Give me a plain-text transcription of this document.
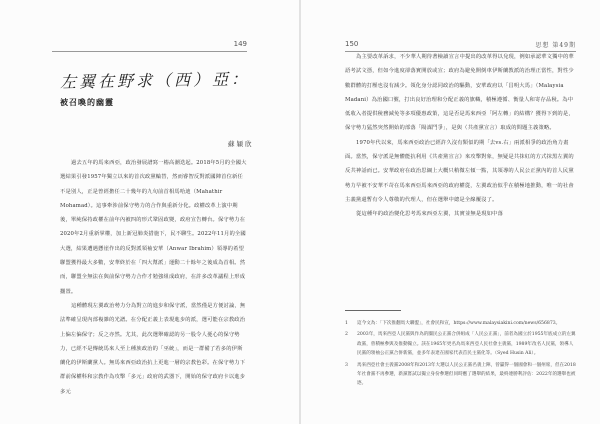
149
左翼在野求（西）亞：
被召喚的幽靈
蘇穎欣

過去五年的馬來西亞，政治發展譜寫一樁高潮迭起。2018年5月的全國大選結果引發1957年獨立以來的首次政黨輪替，然而睿智反對派國陣首位新任不是別人，正是曾經擔任二十幾年的九旬前首相馬哈迪（Mahathir Mohamad）。這事牽涉前保守勢力的合作與重新分化。政權改革上演中期後，單純保持政權在前年內被四的形式鞏固政變，政府宣告轉台。保守勢力在2020年2月重新掌權，加上新冠肺炎措施下，民不聊生。2022年11月的全國大選，結果遭遇懸崖作出的反對派領袖安華（Anwar Ibrahim）領導的希望聯盟獲得最大多數，安華終於在「四大幫派」運動二十餘年之後成為首相。然而，聯盟全無法在與前保守勢力合作才勉強組成政府，在許多改革議程上形成擱置。

這種體現左翼政治勢力分為對立的進步和保守派，當然僅是方便討論，無法準確呈現內部複雜的光譜。在分配正義上表現進步的派，選可能在宗教政治上偏左偏保守；反之亦然。尤其，此次選舉確認的另一股令人憂心的保守勢力，已經不是傳統馬來人至上種族政治的「巫統」，而是一群備了若多的伊斯蘭化的伊斯蘭黨人。無馬來西亞政治抗上更進一層的宗教色彩。在保守勢力下群前保權科和宗教作為攻擊「多元」政府的武器下，開始的保守政府卡以進步多元

150	思想 第49期

為主要改革訴求，不少華人期待著檢讀宣言中提出的改革得以兌現，例如承認華文獨中的華語考試文憑，但如今進度卻落實開放或宣；政府為避免開倒車伊斯蘭教派的治理正當性，對性少數群體的打壓也沒有減少。領化身分認同政治的驅動，安華政府以「昌明大馬」（Malaysia Madani）為治國口號，打出良好治理和分配正義的旗幟，積極遵循、衡量人和寄存品稅。為中低收入者提供稅務減免等多項優惠政策，這是否是馬來西亞「阿左轉」的結構？獲得下到的是，保守勢力猛然突然開始的部落「陽謀鬥爭」，是與（共產黨宣言）取成的問題主義策略。

1970年代以來，馬來西亞政治已經許久沒有類似的期「去vs.右」兩派相爭的政治角力畫面。當然，保守派是無體能抗利用《共產黨宣言》來攻擊對象，無疑是共抹紅的方式抹黑左翼的反共神話而已。安華政府在政治思綱上大概只稍微左傾一點，其領導的人民公正黨內的首人民黨勢力早被不安華不苛在馬來西亞馬來西亞的政府權從，左翼政治似乎在積極地推動，唯一的社會主義黨還暫有令人尊敬的代理人，但在選舉中總是全線覆沒了。

從這種年的政治變化思考馬來西亞左翼，其實並無是現如中落

1	這今文為：「下次推翻馬大聯盟」，社會民和宣，https://www.malaysiakini.com/news/656873。
2	2003年，馬來西亞人民黨與作為的團民公正黨合併組成「人民公正黨」，前者為國立於1955年底成立的左翼政黨，曾積極參與及推動獨立。該在1965年更名為馬來西亞人民社會主義黨，1989年改名人民黨，領導人民黨的領袖公正黨合併新黨，並多年表達在國家代表首民主黨化等。（Syed Husin Ali）。
3	馬來西亞社會主義黨2008年和2013年大選以人民公正黨名義上陣，曾贏得一個國會和一個州席，但在2018年社會黨不再參選，新黨嘗試以獨立身份參選但同時應了選舉的結果，最終連勝利評估：2022年的選舉也被逐。
